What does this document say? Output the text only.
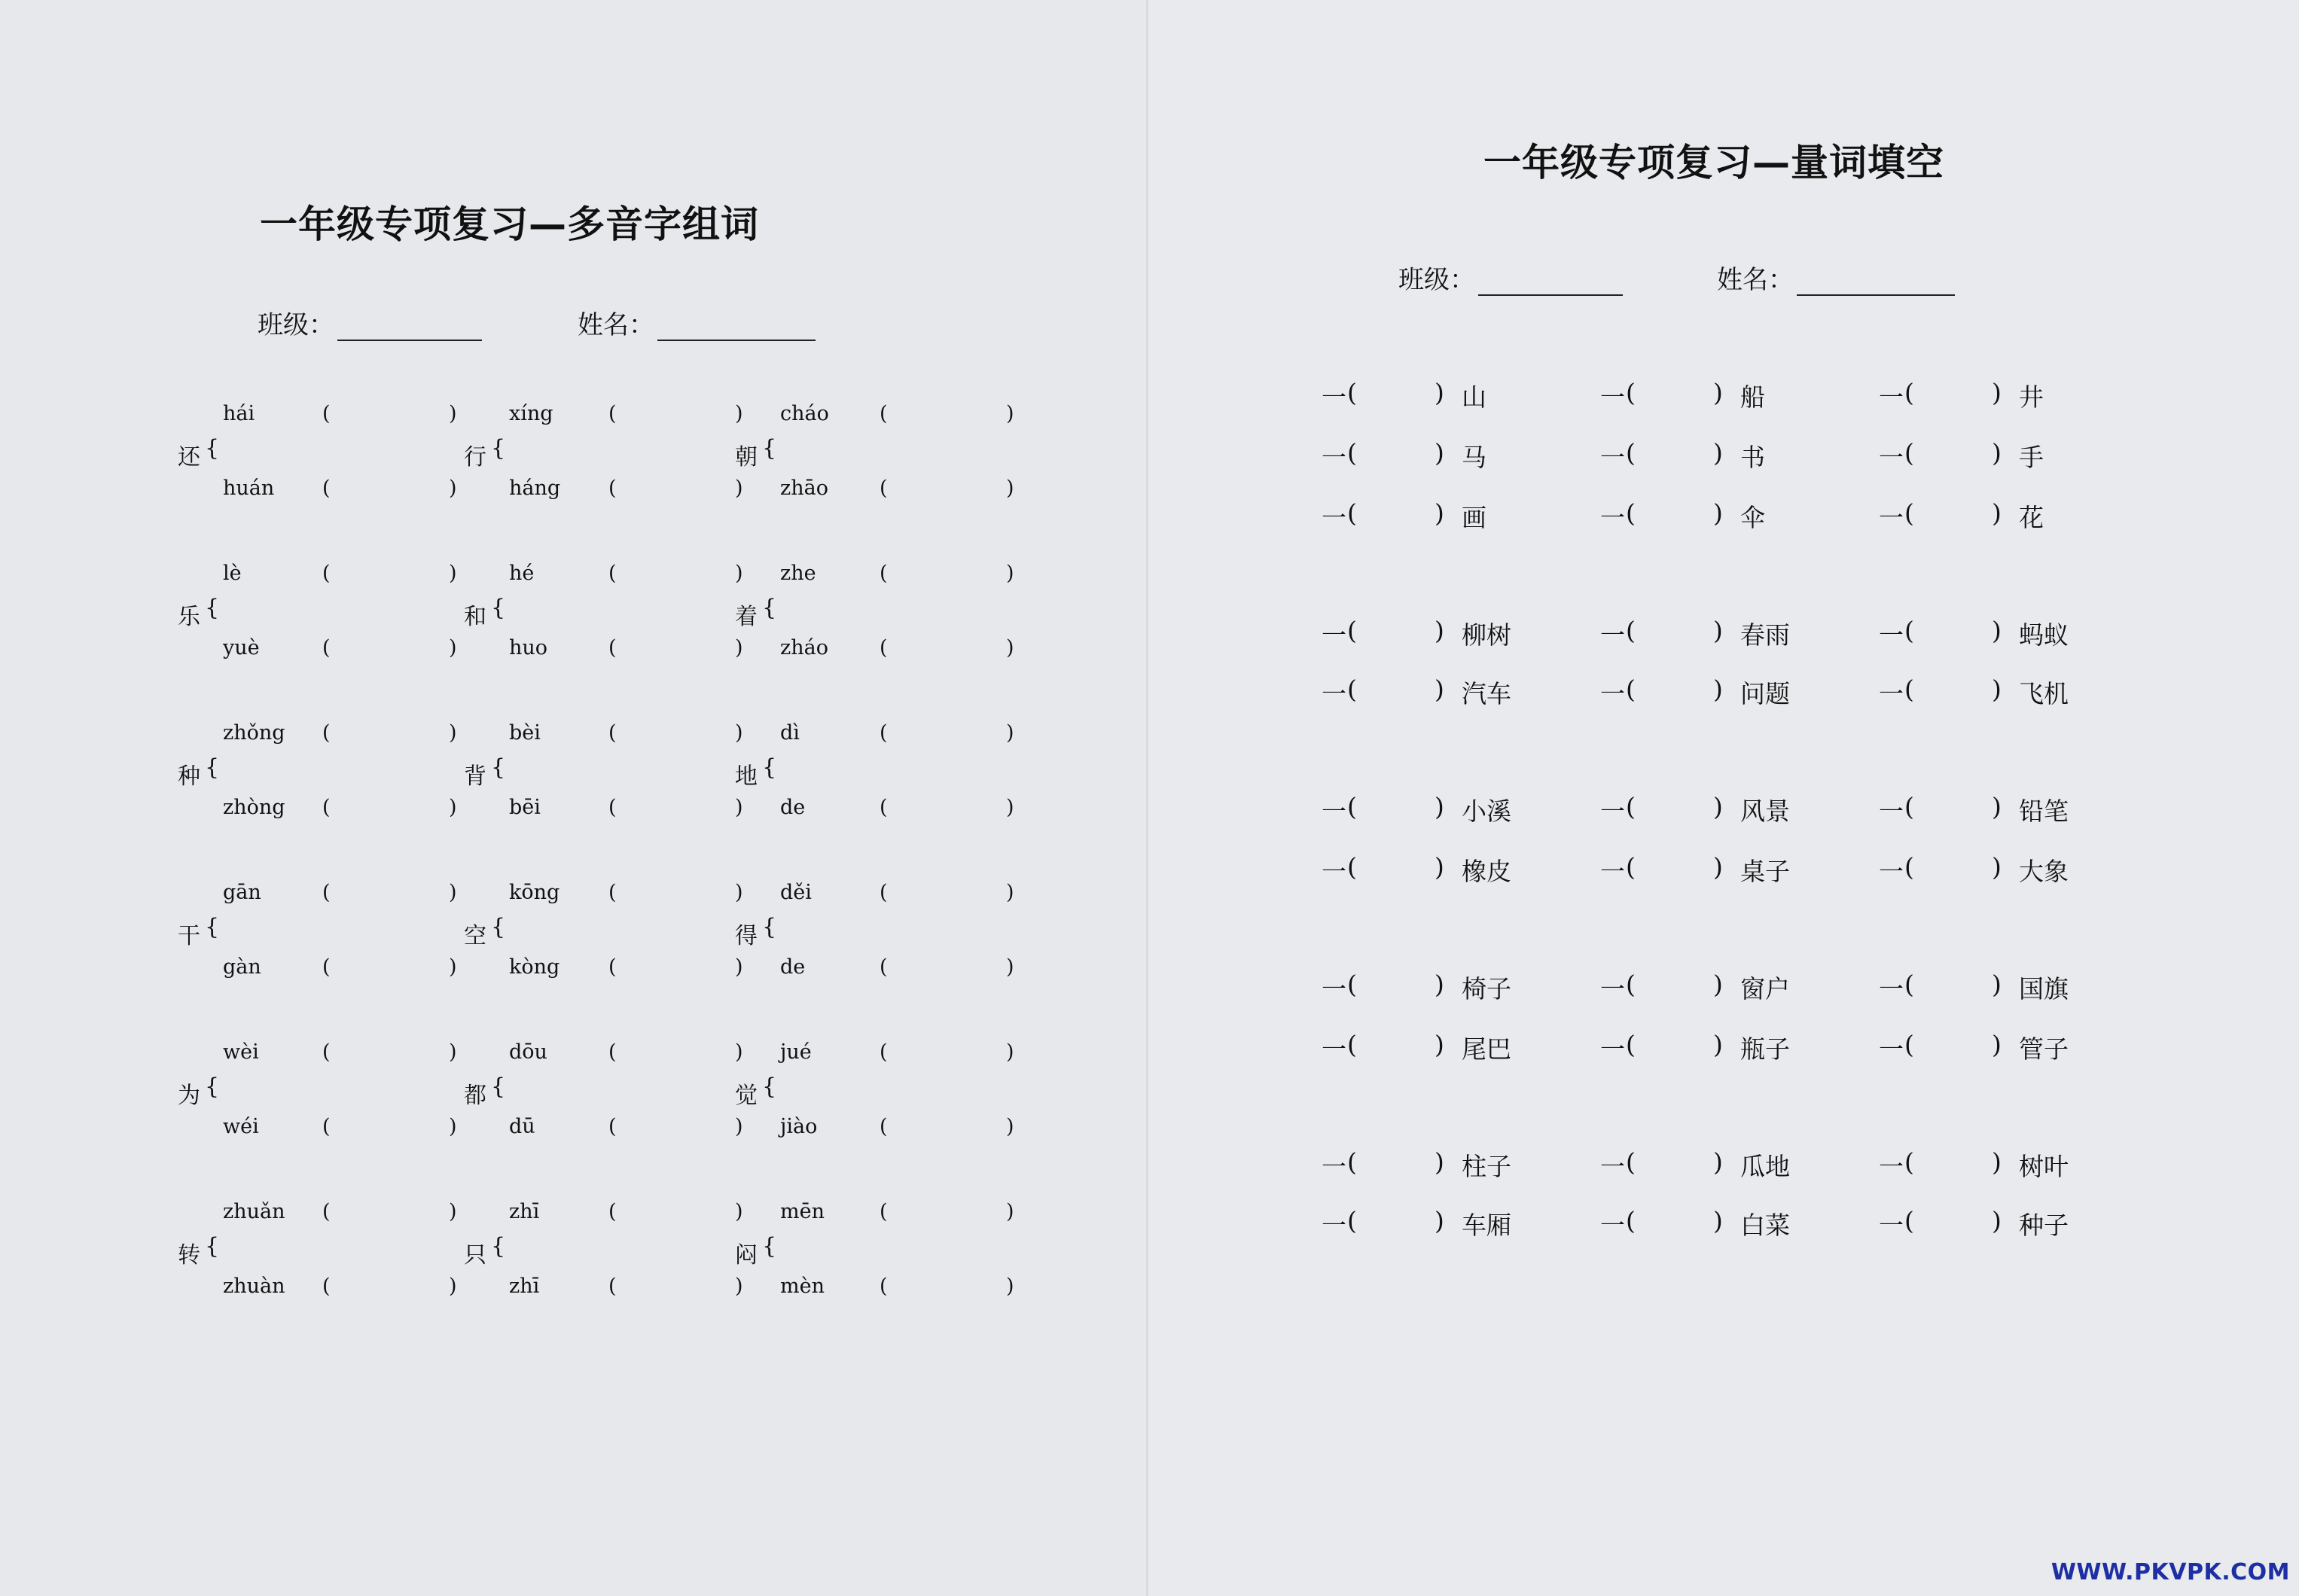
一年级专项复习—多音字组词
班级：	姓名：
还 {
hái	(	)
huán (	)
行 {
xíng	(	)
háng (	)
朝 {
cháo (	)
zhāo	(	)
乐 {
lè	(	)
yuè	(	)
和 {
hé	(	)
huo	(	)
着 {
zhe	(	)
zháo	(	)
种 {
zhǒng (	)
zhòng (	)
背 {
bèi	(	)
bēi	(	)
地 {
dì	(	)
de	(	)
干 {
gān	(	)
gàn	(	)
空 {
kōng (	)
kòng (	)
得 {
děi	(	)
de	(	)
为 {
wèi	(	)
wéi	(	)
都 {
dōu	(	)
dū	(	)
觉 {
jué	(	)
jiào	(	)
转 {
zhuǎn (	)
zhuàn (	)
只 {
zhī	(	)
zhī	(	)
闷 {
mēn	(	)
mèn	(	)
一年级专项复习—量词填空
班级：	姓名：
一 (	) 山	一 (	) 船	一 (	) 井
一 (	) 马	一 (	) 书	一 (	) 手
一 (	) 画	一 (	) 伞	一 (	) 花
一 (	) 柳树	一 (	) 春雨	一 (	) 蚂蚁
一 (	) 汽车	一 (	) 问题	一 (	) 飞机
一 (	) 小溪	一 (	) 风景	一 (	) 铅笔
一 (	) 橡皮	一 (	) 桌子	一 (	) 大象
一 (	) 椅子	一 (	) 窗户	一 (	) 国旗
一 (	) 尾巴	一 (	) 瓶子	一 (	) 管子
一 (	) 柱子	一 (	) 瓜地	一 (	) 树叶
一 (	) 车厢	一 (	) 白菜	一 (	) 种子
WWW.PKVPK.COM
